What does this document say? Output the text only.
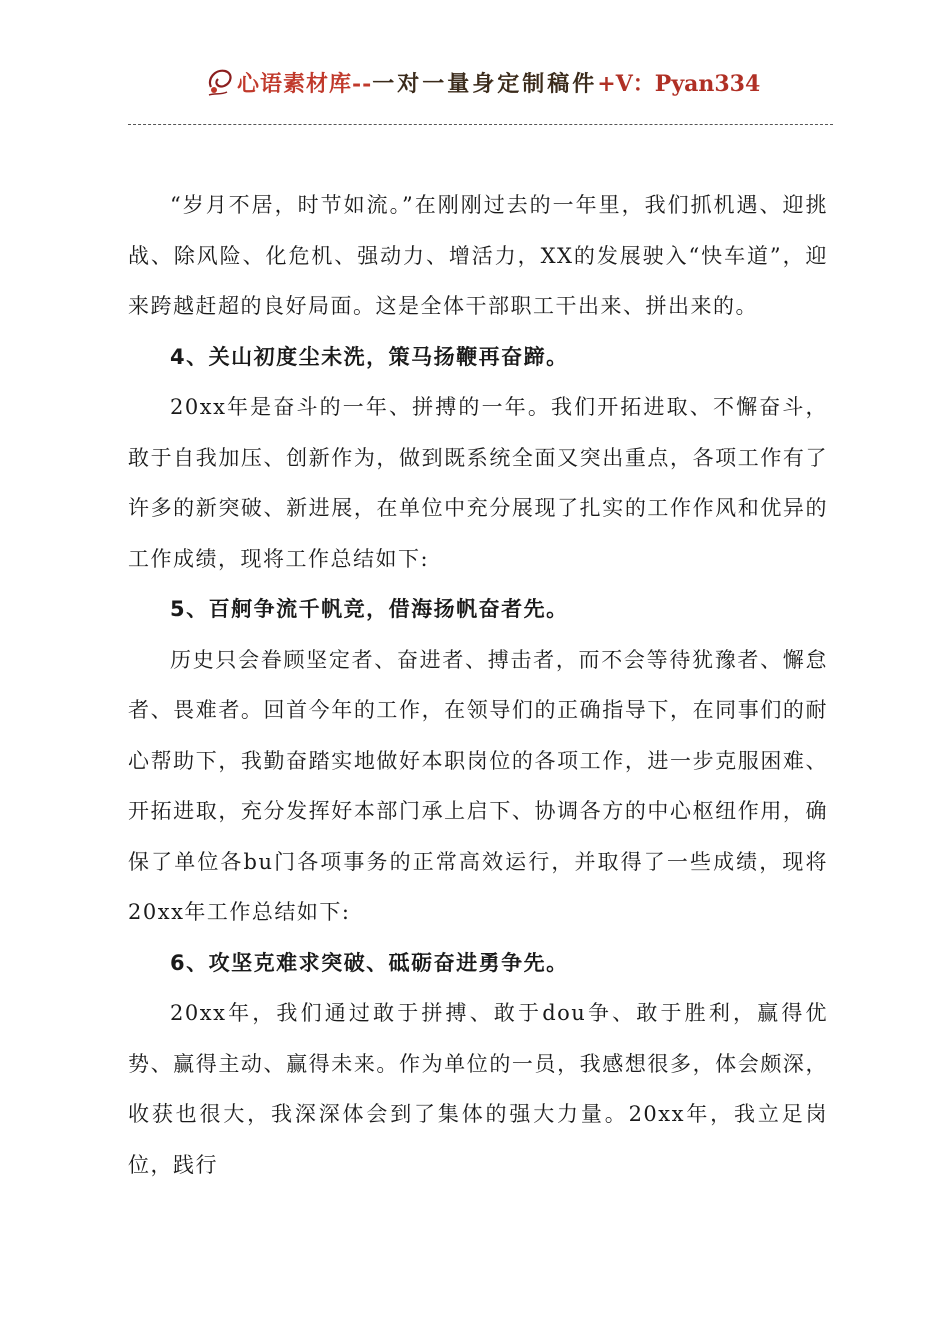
心语素材库--一对一量身定制稿件+V：Pyan334

“岁月不居，时节如流。”在刚刚过去的一年里，我们抓机遇、迎挑战、除风险、化危机、强动力、增活力，XX的发展驶入“快车道”，迎来跨越赶超的良好局面。这是全体干部职工干出来、拼出来的。

4、关山初度尘未洗，策马扬鞭再奋蹄。

20xx年是奋斗的一年、拼搏的一年。我们开拓进取、不懈奋斗，敢于自我加压、创新作为，做到既系统全面又突出重点，各项工作有了许多的新突破、新进展，在单位中充分展现了扎实的工作作风和优异的工作成绩，现将工作总结如下:

5、百舸争流千帆竞，借海扬帆奋者先。

历史只会眷顾坚定者、奋进者、搏击者，而不会等待犹豫者、懈怠者、畏难者。回首今年的工作，在领导们的正确指导下，在同事们的耐心帮助下，我勤奋踏实地做好本职岗位的各项工作，进一步克服困难、开拓进取，充分发挥好本部门承上启下、协调各方的中心枢纽作用，确保了单位各bu门各项事务的正常高效运行，并取得了一些成绩，现将20xx年工作总结如下:

6、攻坚克难求突破、砥砺奋进勇争先。

20xx年，我们通过敢于拼搏、敢于dou争、敢于胜利，赢得优势、赢得主动、赢得未来。作为单位的一员，我感想很多，体会颇深，收获也很大，我深深体会到了集体的强大力量。20xx年，我立足岗位，践行
